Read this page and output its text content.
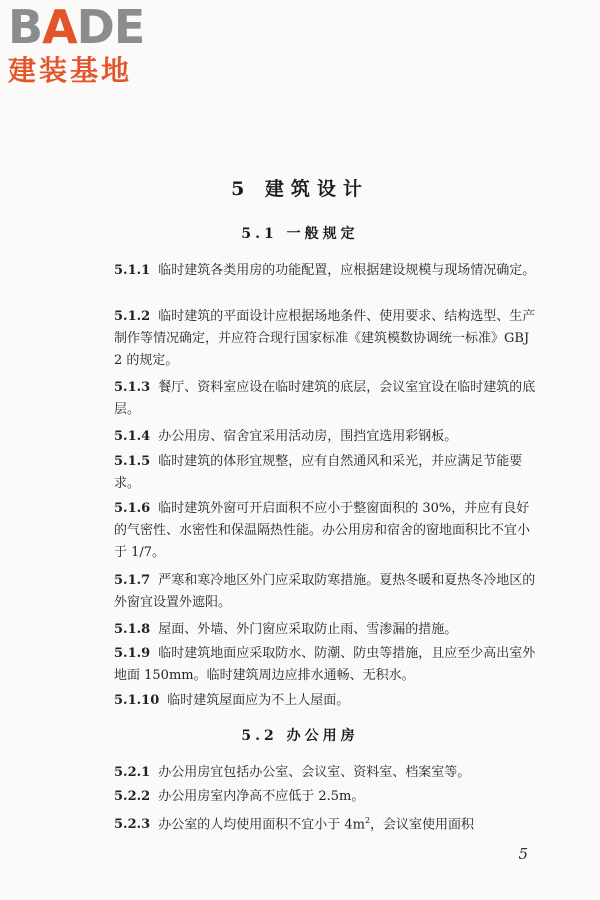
BADE
建装基地
5 建筑设计
5.1 一般规定
5.1.1 临时建筑各类用房的功能配置，应根据建设规模与现场情况确定。
5.1.2 临时建筑的平面设计应根据场地条件、使用要求、结构选型、生产制作等情况确定，并应符合现行国家标准《建筑模数协调统一标准》GBJ 2 的规定。
5.1.3 餐厅、资料室应设在临时建筑的底层，会议室宜设在临时建筑的底层。
5.1.4 办公用房、宿舍宜采用活动房，围挡宜选用彩钢板。
5.1.5 临时建筑的体形宜规整，应有自然通风和采光，并应满足节能要求。
5.1.6 临时建筑外窗可开启面积不应小于整窗面积的 30%，并应有良好的气密性、水密性和保温隔热性能。办公用房和宿舍的窗地面积比不宜小于 1/7。
5.1.7 严寒和寒冷地区外门应采取防寒措施。夏热冬暖和夏热冬冷地区的外窗宜设置外遮阳。
5.1.8 屋面、外墙、外门窗应采取防止雨、雪渗漏的措施。
5.1.9 临时建筑地面应采取防水、防潮、防虫等措施，且应至少高出室外地面 150mm。临时建筑周边应排水通畅、无积水。
5.1.10 临时建筑屋面应为不上人屋面。
5.2 办公用房
5.2.1 办公用房宜包括办公室、会议室、资料室、档案室等。
5.2.2 办公用房室内净高不应低于 2.5m。
5.2.3 办公室的人均使用面积不宜小于 $4m^2$，会议室使用面积
5
